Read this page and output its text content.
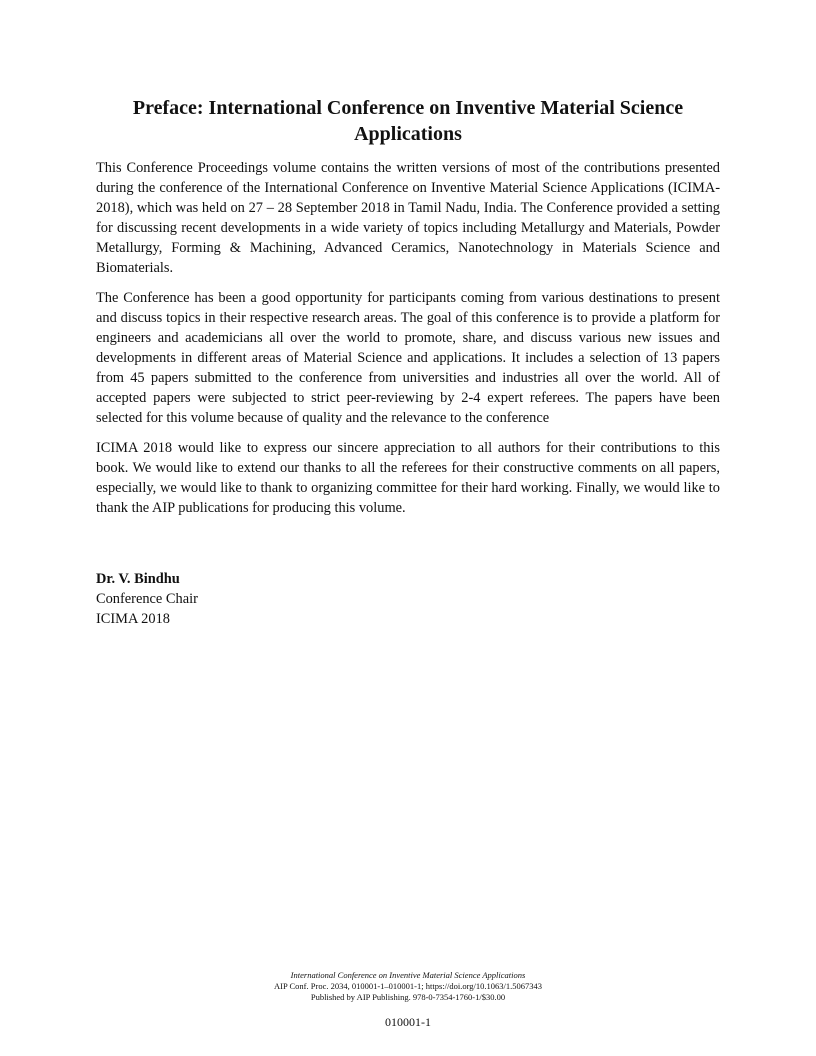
Preface: International Conference on Inventive Material Science Applications

This Conference Proceedings volume contains the written versions of most of the contributions presented during the conference of the International Conference on Inventive Material Science Applications (ICIMA-2018), which was held on 27 – 28 September 2018 in Tamil Nadu, India. The Conference provided a setting for discussing recent developments in a wide variety of topics including Metallurgy and Materials, Powder Metallurgy, Forming & Machining, Advanced Ceramics, Nanotechnology in Materials Science and Biomaterials.

The Conference has been a good opportunity for participants coming from various destinations to present and discuss topics in their respective research areas. The goal of this conference is to provide a platform for engineers and academicians all over the world to promote, share, and discuss various new issues and developments in different areas of Material Science and applications. It includes a selection of 13 papers from 45 papers submitted to the conference from universities and industries all over the world. All of accepted papers were subjected to strict peer-reviewing by 2-4 expert referees. The papers have been selected for this volume because of quality and the relevance to the conference

ICIMA 2018 would like to express our sincere appreciation to all authors for their contributions to this book. We would like to extend our thanks to all the referees for their constructive comments on all papers, especially, we would like to thank to organizing committee for their hard working. Finally, we would like to thank the AIP publications for producing this volume.

Dr. V. Bindhu
Conference Chair
ICIMA 2018
International Conference on Inventive Material Science Applications
AIP Conf. Proc. 2034, 010001-1–010001-1; https://doi.org/10.1063/1.5067343
Published by AIP Publishing. 978-0-7354-1760-1/$30.00
010001-1
